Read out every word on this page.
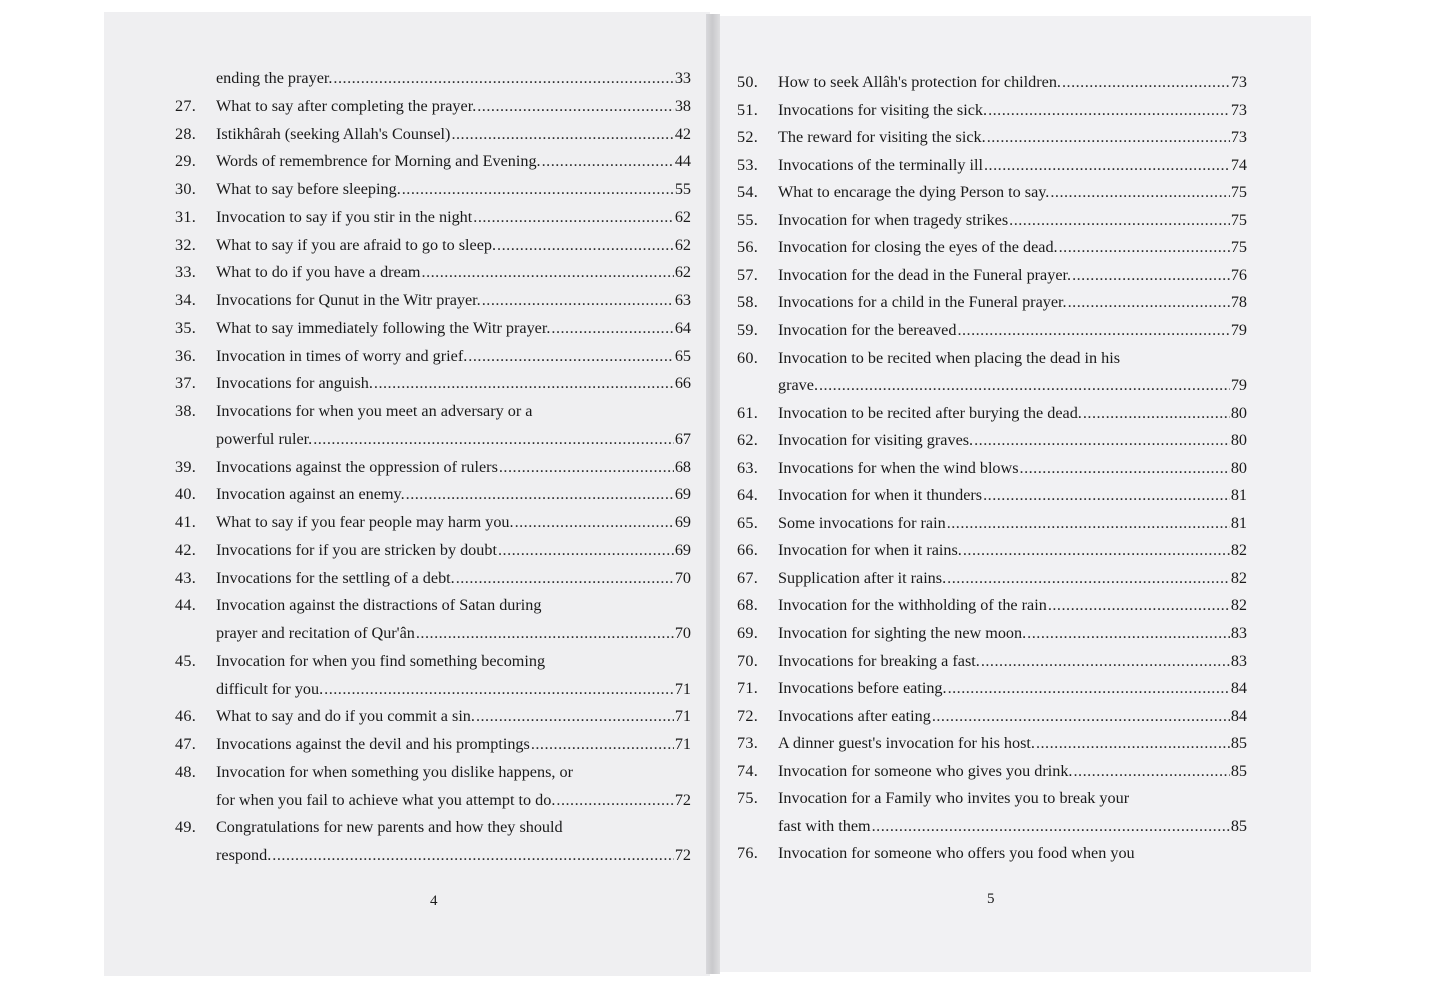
ending the prayer. .....	33
27.	What to say after completing the prayer. .....	38
28.	Istikhârah (seeking Allah's Counsel) .....	42
29.	Words of remembrence for Morning and Evening. .....	44
30.	What to say before sleeping. .....	55
31.	Invocation to say if you stir in the night .....	62
32.	What to say if you are afraid to go to sleep. .....	62
33.	What to do if you have a dream .....	62
34.	Invocations for Qunut in the Witr prayer. .....	63
35.	What to say immediately following the Witr prayer. .....	64
36.	Invocation in times of worry and grief. .....	65
37.	Invocations for anguish. .....	66
38.	Invocations for when you meet an adversary or a
powerful ruler. .....	67
39.	Invocations against the oppression of rulers .....	68
40.	Invocation against an enemy. .....	69
41.	What to say if you fear people may harm you. .....	69
42.	Invocations for if you are stricken by doubt .....	69
43.	Invocations for the settling of a debt. .....	70
44.	Invocation against the distractions of Satan during
prayer and recitation of Qur'ân .....	70
45.	Invocation for when you find something becoming
difficult for you. .....	71
46.	What to say and do if you commit a sin. .....	71
47.	Invocations against the devil and his promptings .....	71
48.	Invocation for when something you dislike happens, or
for when you fail to achieve what you attempt to do. .....	72
49.	Congratulations for new parents and how they should
respond. .....	72
50.	How to seek Allâh's protection for children. .....	73
51.	Invocations for visiting the sick. .....	73
52.	The reward for visiting the sick. .....	73
53.	Invocations of the terminally ill .....	74
54.	What to encarage the dying Person to say. .....	75
55.	Invocation for when tragedy strikes .....	75
56.	Invocation for closing the eyes of the dead. .....	75
57.	Invocation for the dead in the Funeral prayer. .....	76
58.	Invocations for a child in the Funeral prayer. .....	78
59.	Invocation for the bereaved .....	79
60.	Invocation to be recited when placing the dead in his
grave. .....	79
61.	Invocation to be recited after burying the dead. .....	80
62.	Invocation for visiting graves. .....	80
63.	Invocations for when the wind blows .....	80
64.	Invocation for when it thunders .....	81
65.	Some invocations for rain .....	81
66.	Invocation for when it rains. .....	82
67.	Supplication after it rains. .....	82
68.	Invocation for the withholding of the rain .....	82
69.	Invocation for sighting the new moon. .....	83
70.	Invocations for breaking a fast. .....	83
71.	Invocations before eating. .....	84
72.	Invocations after eating .....	84
73.	A dinner guest's invocation for his host. .....	85
74.	Invocation for someone who gives you drink. .....	85
75.	Invocation for a Family who invites you to break your
fast with them .....	85
76.	Invocation for someone who offers you food when you
4	5
